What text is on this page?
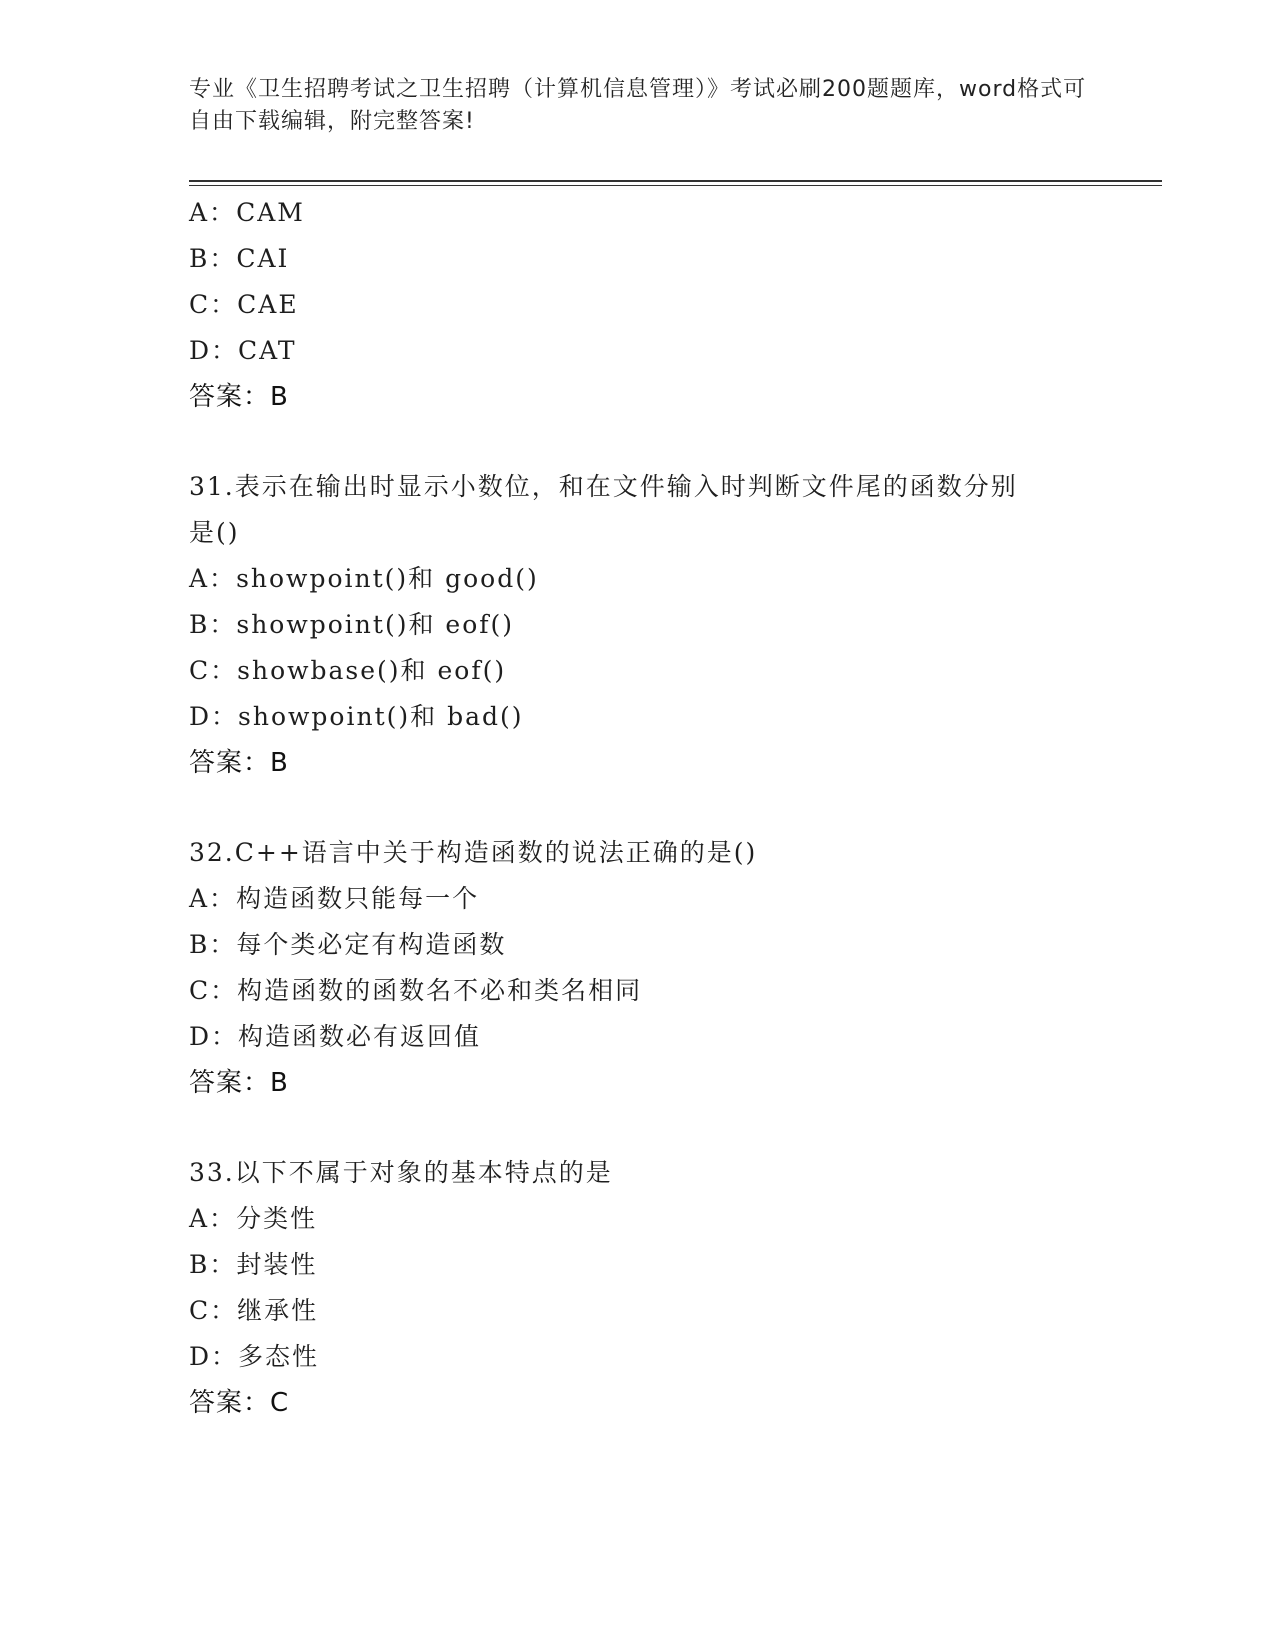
专业《卫生招聘考试之卫生招聘（计算机信息管理）》考试必刷200题题库，word格式可自由下载编辑，附完整答案!
A：CAM
B：CAI
C：CAE
D：CAT
答案：B
31.表示在输出时显示小数位，和在文件输入时判断文件尾的函数分别
是()
A：showpoint()和 good()
B：showpoint()和 eof()
C：showbase()和 eof()
D：showpoint()和 bad()
答案：B
32.C++语言中关于构造函数的说法正确的是()
A：构造函数只能每一个
B：每个类必定有构造函数
C：构造函数的函数名不必和类名相同
D：构造函数必有返回值
答案：B
33.以下不属于对象的基本特点的是
A：分类性
B：封装性
C：继承性
D：多态性
答案：C
